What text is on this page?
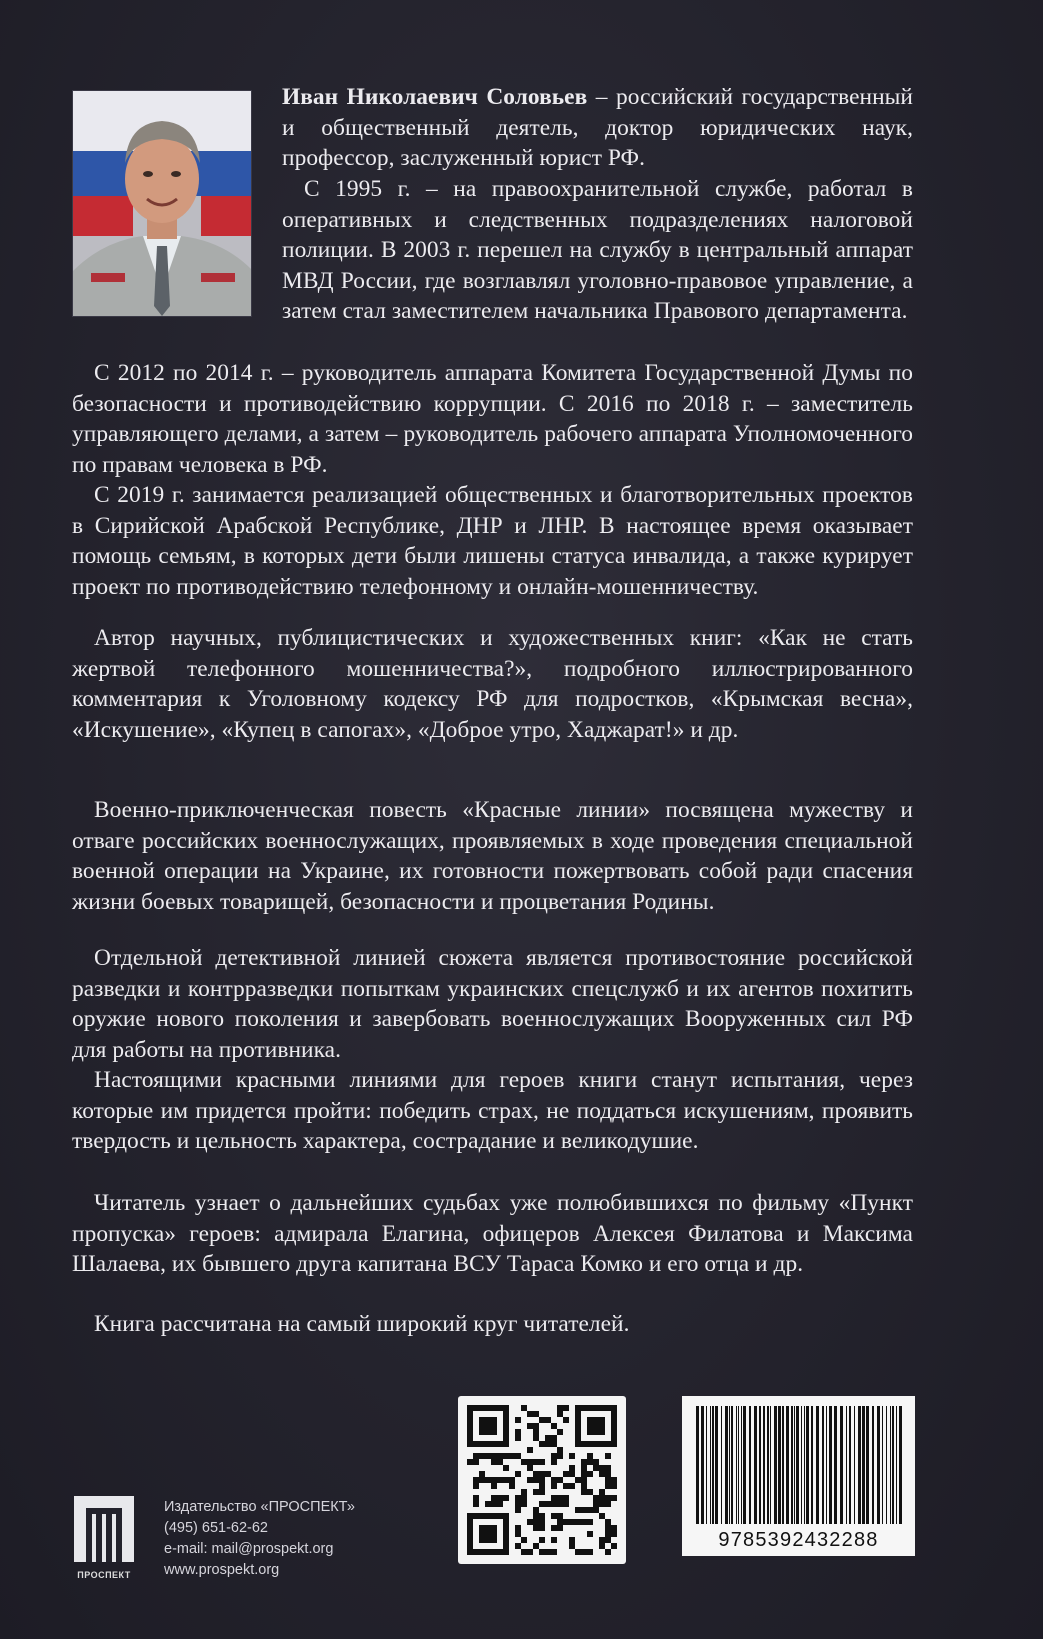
Иван Николаевич Соловьев – российский государственный и общественный деятель, доктор юридических наук, профессор, заслуженный юрист РФ.

С 1995 г. – на правоохранительной службе, работал в оперативных и следственных подразделениях налоговой полиции. В 2003 г. перешел на службу в центральный аппарат МВД России, где возглавлял уголовно-правовое управление, а затем стал заместителем начальника Правового департамента.

С 2012 по 2014 г. – руководитель аппарата Комитета Государственной Думы по безопасности и противодействию коррупции. С 2016 по 2018 г. – заместитель управляющего делами, а затем – руководитель рабочего аппарата Уполномоченного по правам человека в РФ.

С 2019 г. занимается реализацией общественных и благотворительных проектов в Сирийской Арабской Республике, ДНР и ЛНР. В настоящее время оказывает помощь семьям, в которых дети были лишены статуса инвалида, а также курирует проект по противодействию телефонному и онлайн-мошенничеству.

Автор научных, публицистических и художественных книг: «Как не стать жертвой телефонного мошенничества?», подробного иллюстрированного комментария к Уголовному кодексу РФ для подростков, «Крымская весна», «Искушение», «Купец в сапогах», «Доброе утро, Хаджарат!» и др.

Военно-приключенческая повесть «Красные линии» посвящена мужеству и отваге российских военнослужащих, проявляемых в ходе проведения специальной военной операции на Украине, их готовности пожертвовать собой ради спасения жизни боевых товарищей, безопасности и процветания Родины.

Отдельной детективной линией сюжета является противостояние российской разведки и контрразведки попыткам украинских спецслужб и их агентов похитить оружие нового поколения и завербовать военнослужащих Вооруженных сил РФ для работы на противника.

Настоящими красными линиями для героев книги станут испытания, через которые им придется пройти: победить страх, не поддаться искушениям, проявить твердость и цельность характера, сострадание и великодушие.

Читатель узнает о дальнейших судьбах уже полюбившихся по фильму «Пункт пропуска» героев: адмирала Елагина, офицеров Алексея Филатова и Максима Шалаева, их бывшего друга капитана ВСУ Тараса Комко и его отца и др.

Книга рассчитана на самый широкий круг читателей.

ПРОСПЕКТ
Издательство «ПРОСПЕКТ»
(495) 651-62-62
e-mail: mail@prospekt.org
www.prospekt.org
9785392432288
